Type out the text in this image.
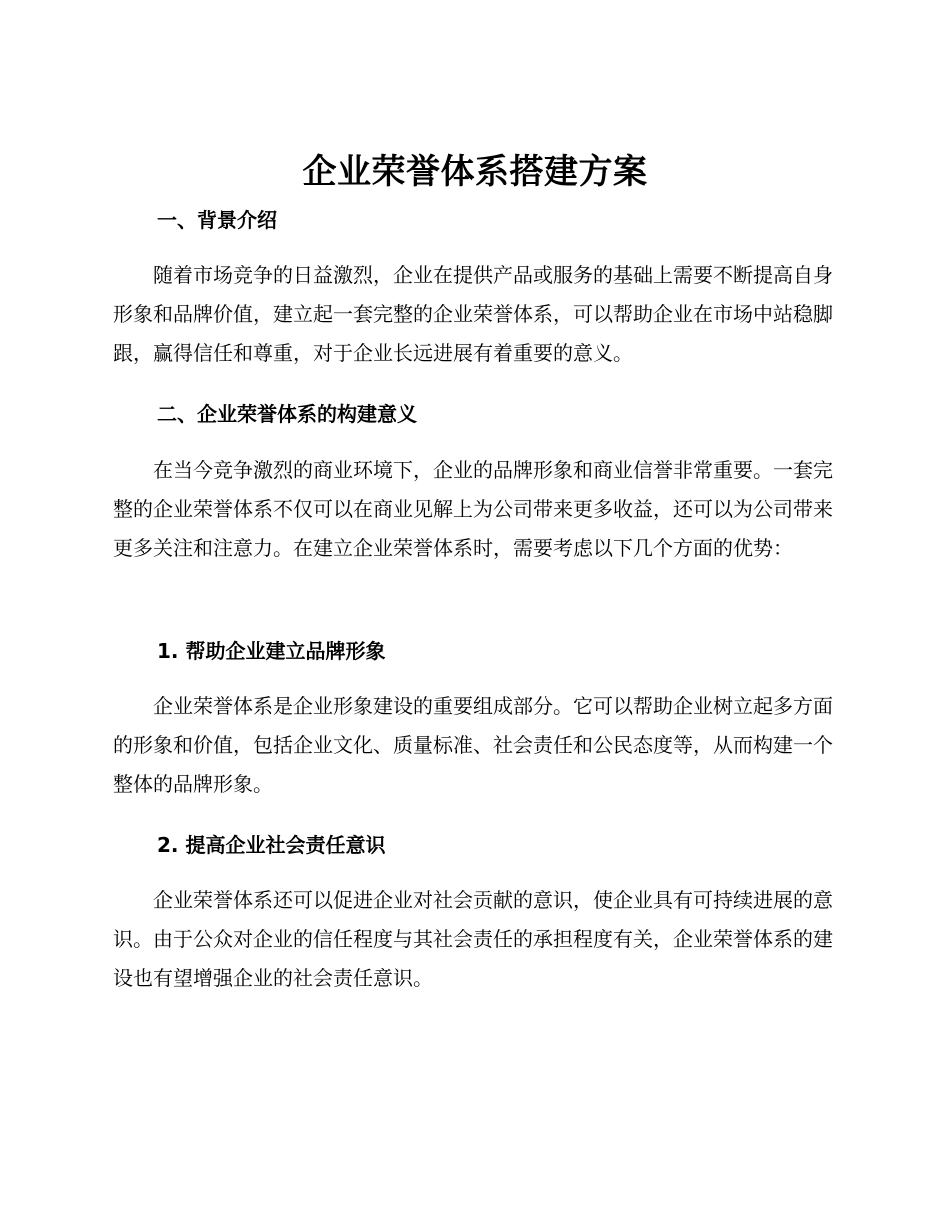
企业荣誉体系搭建方案
一、背景介绍

随着市场竞争的日益激烈，企业在提供产品或服务的基础上需要不断提高自身形象和品牌价值，建立起一套完整的企业荣誉体系，可以帮助企业在市场中站稳脚跟，赢得信任和尊重，对于企业长远进展有着重要的意义。

二、企业荣誉体系的构建意义

在当今竞争激烈的商业环境下，企业的品牌形象和商业信誉非常重要。一套完整的企业荣誉体系不仅可以在商业见解上为公司带来更多收益，还可以为公司带来更多关注和注意力。在建立企业荣誉体系时，需要考虑以下几个方面的优势：

1. 帮助企业建立品牌形象

企业荣誉体系是企业形象建设的重要组成部分。它可以帮助企业树立起多方面的形象和价值，包括企业文化、质量标准、社会责任和公民态度等，从而构建一个整体的品牌形象。

2. 提高企业社会责任意识

企业荣誉体系还可以促进企业对社会贡献的意识，使企业具有可持续进展的意识。由于公众对企业的信任程度与其社会责任的承担程度有关，企业荣誉体系的建设也有望增强企业的社会责任意识。
